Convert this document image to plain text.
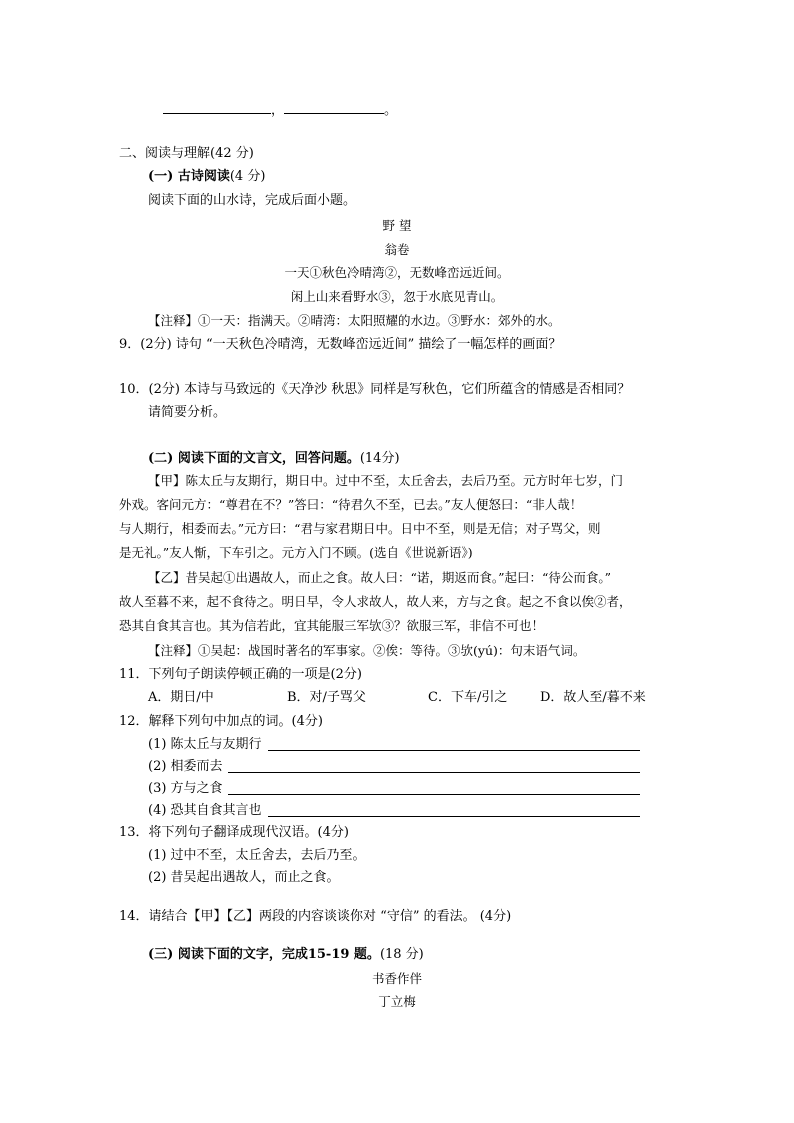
，	。
二、阅读与理解(42 分)
(一) 古诗阅读(4 分)
阅读下面的山水诗，完成后面小题。
野 望
翁卷
一天①秋色冷晴湾②，无数峰峦远近间。
闲上山来看野水③，忽于水底见青山。
【注释】①一天：指满天。②晴湾：太阳照耀的水边。③野水：郊外的水。
9．(2分) 诗句 “一天秋色冷晴湾，无数峰峦远近间” 描绘了一幅怎样的画面？
10．(2分) 本诗与马致远的《天净沙 秋思》同样是写秋色，它们所蕴含的情感是否相同？
请简要分析。
(二) 阅读下面的文言文，回答问题。(14分)
【甲】陈太丘与友期行，期日中。过中不至，太丘舍去，去后乃至。元方时年七岁，门
外戏。客问元方：“尊君在不？”答曰：“待君久不至，已去。”友人便怒曰：“非人哉！
与人期行，相委而去。”元方曰：“君与家君期日中。日中不至，则是无信；对子骂父，则
是无礼。”友人惭，下车引之。元方入门不顾。(选自《世说新语》)
【乙】昔吴起①出遇故人，而止之食。故人曰：“诺，期返而食。”起曰：“待公而食。”
故人至暮不来，起不食待之。明日早，令人求故人，故人来，方与之食。起之不食以俟②者，
恐其自食其言也。其为信若此，宜其能服三军欤③？欲服三军，非信不可也！
【注释】①吴起：战国时著名的军事家。②俟：等待。③欤(yú)：句末语气词。
11．下列句子朗读停顿正确的一项是(2分)
A．期日/中	B．对/子骂父	C．下车/引之	D．故人至/暮不来
12．解释下列句中加点的词。(4分)
(1) 陈太丘与友期行
(2) 相委而去
(3) 方与之食
(4) 恐其自食其言也
13．将下列句子翻译成现代汉语。(4分)
(1) 过中不至，太丘舍去，去后乃至。
(2) 昔吴起出遇故人，而止之食。
14．请结合【甲】【乙】两段的内容谈谈你对 “守信” 的看法。 (4分)
(三) 阅读下面的文字，完成15-19 题。(18 分)
书香作伴
丁立梅
